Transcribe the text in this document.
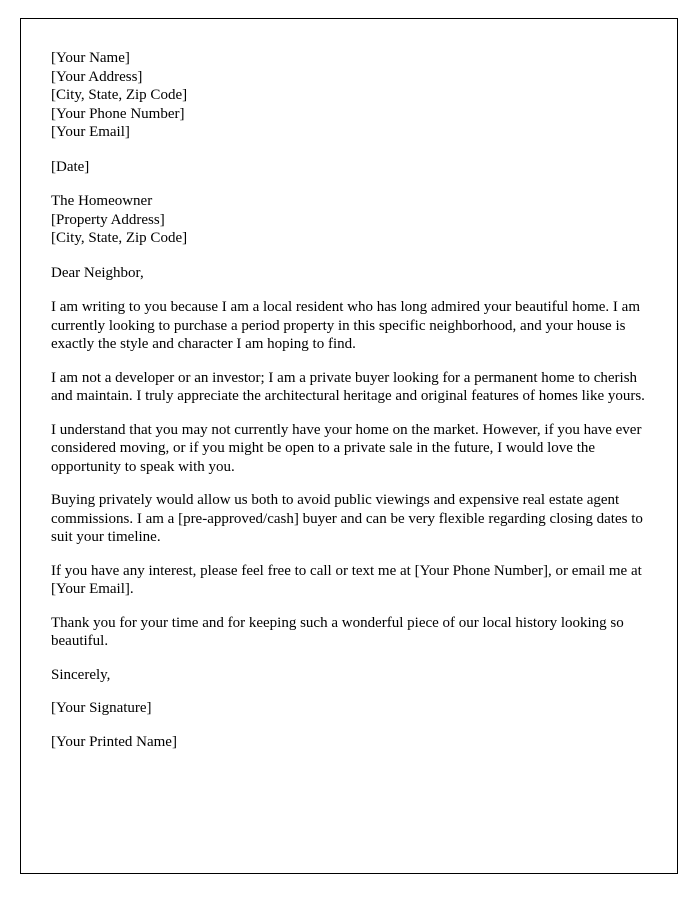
[Your Name]
[Your Address]
[City, State, Zip Code]
[Your Phone Number]
[Your Email]
[Date]
The Homeowner
[Property Address]
[City, State, Zip Code]
Dear Neighbor,

I am writing to you because I am a local resident who has long admired your beautiful home. I am currently looking to purchase a period property in this specific neighborhood, and your house is exactly the style and character I am hoping to find.

I am not a developer or an investor; I am a private buyer looking for a permanent home to cherish and maintain. I truly appreciate the architectural heritage and original features of homes like yours.

I understand that you may not currently have your home on the market. However, if you have ever considered moving, or if you might be open to a private sale in the future, I would love the opportunity to speak with you.

Buying privately would allow us both to avoid public viewings and expensive real estate agent commissions. I am a [pre-approved/cash] buyer and can be very flexible regarding closing dates to suit your timeline.

If you have any interest, please feel free to call or text me at [Your Phone Number], or email me at [Your Email].

Thank you for your time and for keeping such a wonderful piece of our local history looking so beautiful.

Sincerely,

[Your Signature]

[Your Printed Name]
